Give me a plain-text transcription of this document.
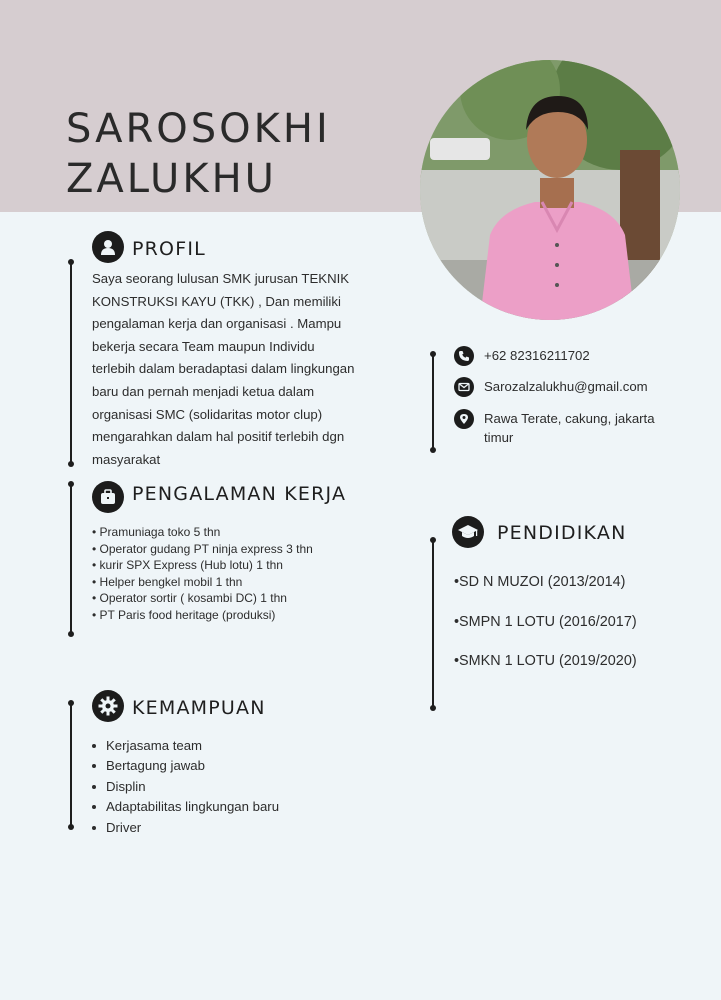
SAROSOKHI
ZALUKHU
PROFIL
Saya seorang lulusan SMK jurusan TEKNIK
KONSTRUKSI KAYU (TKK) , Dan memiliki
pengalaman kerja dan organisasi . Mampu
bekerja secara Team maupun Individu
terlebih dalam beradaptasi dalam lingkungan
baru dan pernah menjadi ketua dalam
organisasi SMC (solidaritas motor clup)
mengarahkan dalam hal positif terlebih dgn
masyarakat
PENGALAMAN KERJA
• Pramuniaga toko 5 thn
• Operator gudang PT ninja express 3 thn
• kurir SPX Express (Hub lotu) 1 thn
• Helper bengkel mobil 1 thn
• Operator sortir ( kosambi DC) 1 thn
• PT Paris food heritage (produksi)
KEMAMPUAN
Kerjasama team
Bertagung jawab
Displin
Adaptabilitas lingkungan baru
Driver
+62 82316211702
Sarozalzalukhu@gmail.com
Rawa Terate, cakung, jakarta
timur
PENDIDIKAN
• SD N MUZOI (2013/2014)
• SMPN 1 LOTU (2016/2017)
• SMKN 1 LOTU (2019/2020)
